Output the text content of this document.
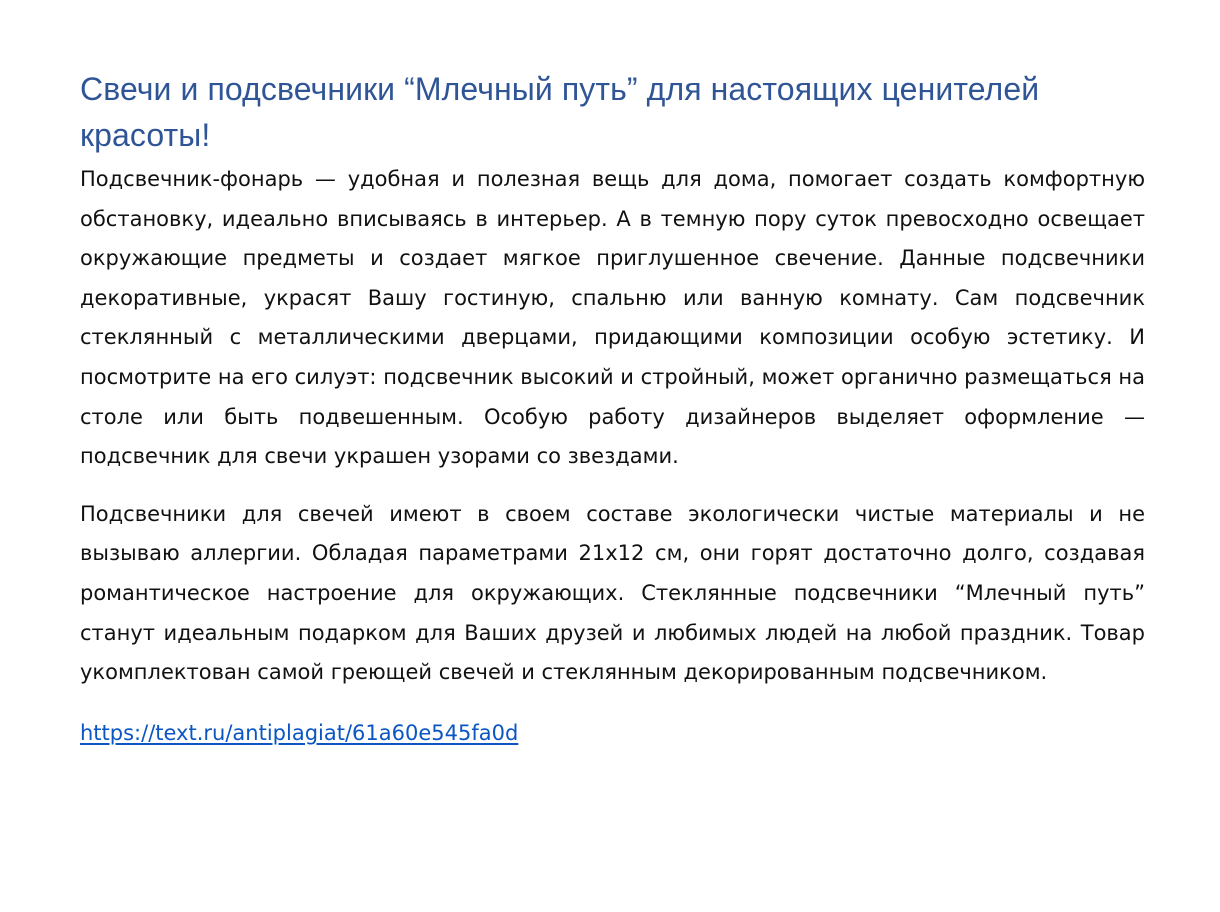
Свечи и подсвечники “Млечный путь” для настоящих ценителей красоты!

Подсвечник-фонарь — удобная и полезная вещь для дома, помогает создать комфортную обстановку, идеально вписываясь в интерьер. А в темную пору суток превосходно освещает окружающие предметы и создает мягкое приглушенное свечение. Данные подсвечники декоративные, украсят Вашу гостиную, спальню или ванную комнату. Сам подсвечник стеклянный с металлическими дверцами, придающими композиции особую эстетику. И посмотрите на его силуэт: подсвечник высокий и стройный, может органично размещаться на столе или быть подвешенным. Особую работу дизайнеров выделяет оформление — подсвечник для свечи украшен узорами со звездами.

Подсвечники для свечей имеют в своем составе экологически чистые материалы и не вызываю аллергии. Обладая параметрами 21х12 см, они горят достаточно долго, создавая романтическое настроение для окружающих. Стеклянные подсвечники “Млечный путь” станут идеальным подарком для Ваших друзей и любимых людей на любой праздник. Товар укомплектован самой греющей свечей и стеклянным декорированным подсвечником.

https://text.ru/antiplagiat/61a60e545fa0d
